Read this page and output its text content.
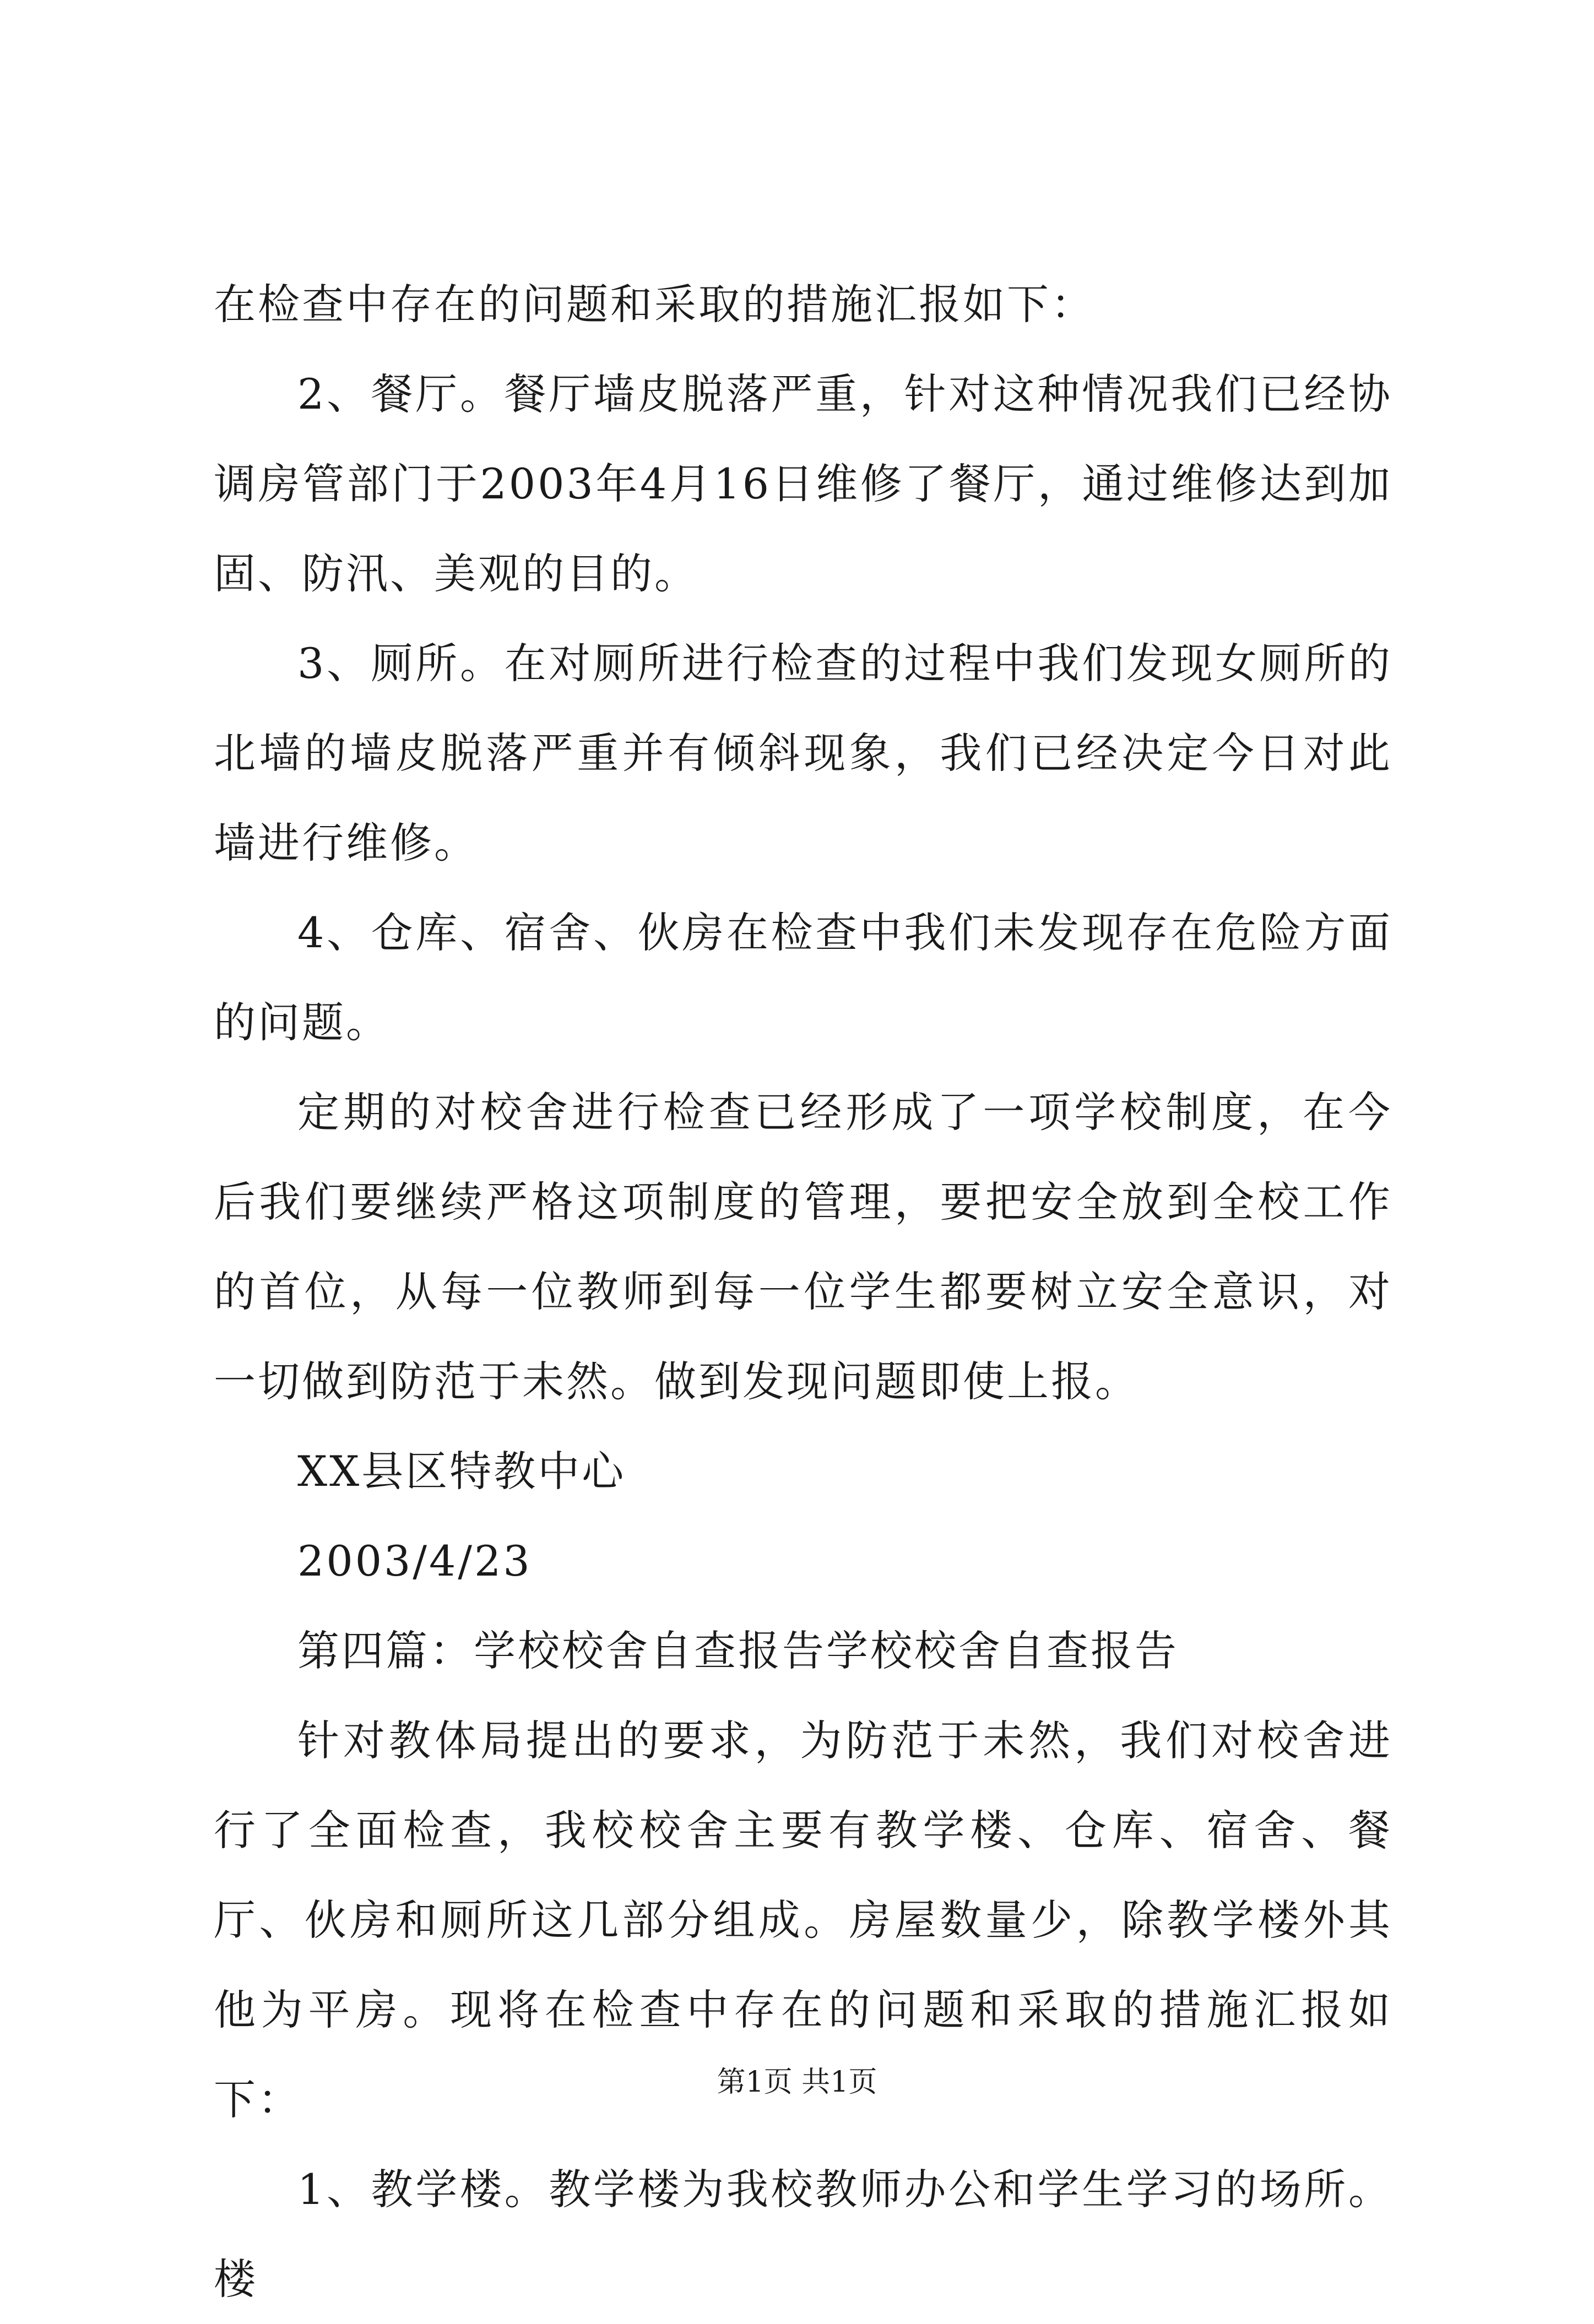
在检查中存在的问题和采取的措施汇报如下：

2、餐厅。餐厅墙皮脱落严重，针对这种情况我们已经协调房管部门于2003年4月16日维修了餐厅，通过维修达到加固、防汛、美观的目的。

3、厕所。在对厕所进行检查的过程中我们发现女厕所的北墙的墙皮脱落严重并有倾斜现象，我们已经决定今日对此墙进行维修。

4、仓库、宿舍、伙房在检查中我们未发现存在危险方面的问题。

定期的对校舍进行检查已经形成了一项学校制度，在今后我们要继续严格这项制度的管理，要把安全放到全校工作的首位，从每一位教师到每一位学生都要树立安全意识，对一切做到防范于未然。做到发现问题即使上报。

XX县区特教中心

2003/4/23

第四篇：学校校舍自查报告学校校舍自查报告

针对教体局提出的要求，为防范于未然，我们对校舍进行了全面检查，我校校舍主要有教学楼、仓库、宿舍、餐厅、伙房和厕所这几部分组成。房屋数量少，除教学楼外其他为平房。现将在检查中存在的问题和采取的措施汇报如下：

1、教学楼。教学楼为我校教师办公和学生学习的场所。楼

第1页 共1页
